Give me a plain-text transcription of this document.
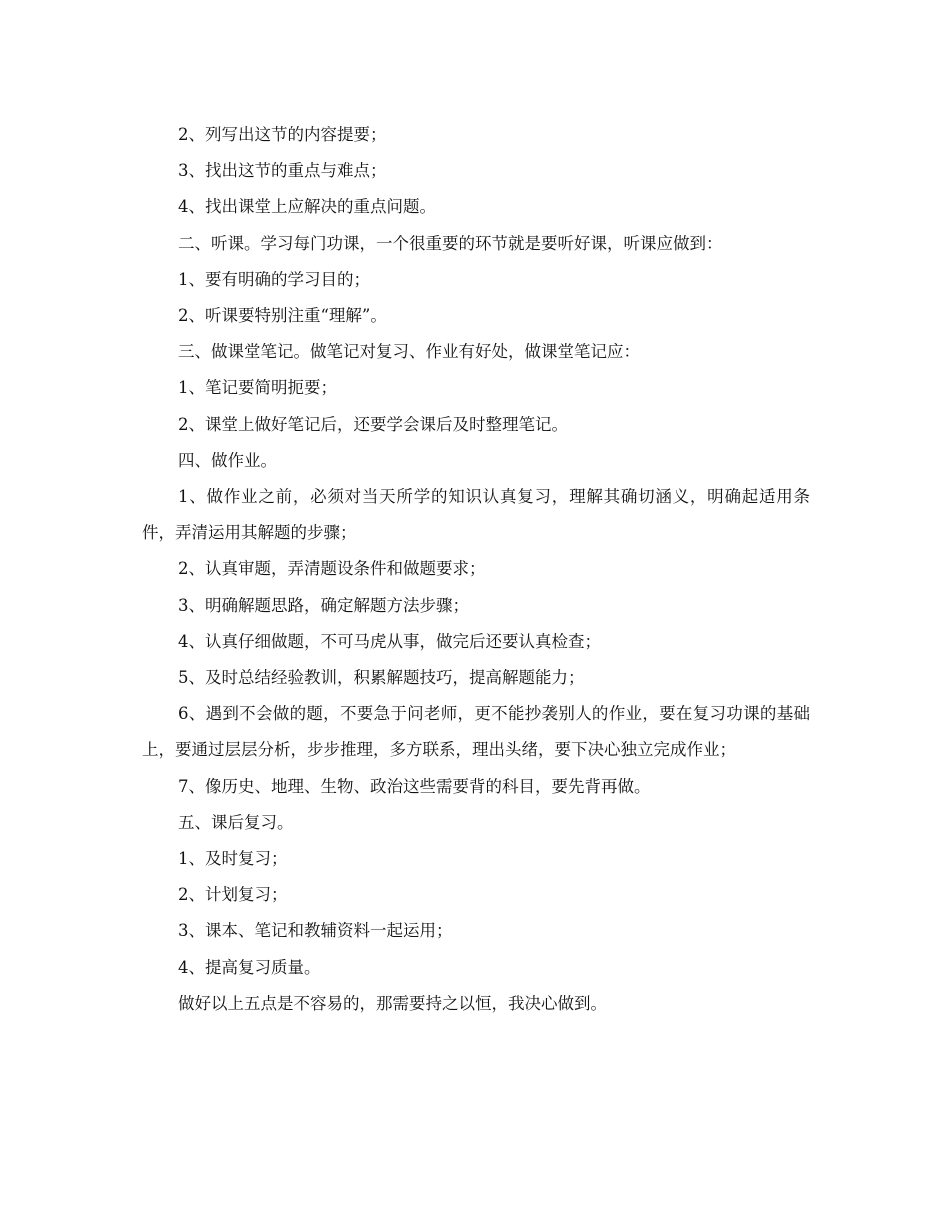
2、列写出这节的内容提要；

3、找出这节的重点与难点；

4、找出课堂上应解决的重点问题。

二、听课。学习每门功课，一个很重要的环节就是要听好课，听课应做到：

1、要有明确的学习目的；

2、听课要特别注重“理解”。

三、做课堂笔记。做笔记对复习、作业有好处，做课堂笔记应：

1、笔记要简明扼要；

2、课堂上做好笔记后，还要学会课后及时整理笔记。

四、做作业。

1、做作业之前，必须对当天所学的知识认真复习，理解其确切涵义，明确起适用条件，弄清运用其解题的步骤；

2、认真审题，弄清题设条件和做题要求；

3、明确解题思路，确定解题方法步骤；

4、认真仔细做题，不可马虎从事，做完后还要认真检查；

5、及时总结经验教训，积累解题技巧，提高解题能力；

6、遇到不会做的题，不要急于问老师，更不能抄袭别人的作业，要在复习功课的基础上，要通过层层分析，步步推理，多方联系，理出头绪，要下决心独立完成作业；

7、像历史、地理、生物、政治这些需要背的科目，要先背再做。

五、课后复习。

1、及时复习；

2、计划复习；

3、课本、笔记和教辅资料一起运用；

4、提高复习质量。

做好以上五点是不容易的，那需要持之以恒，我决心做到。
